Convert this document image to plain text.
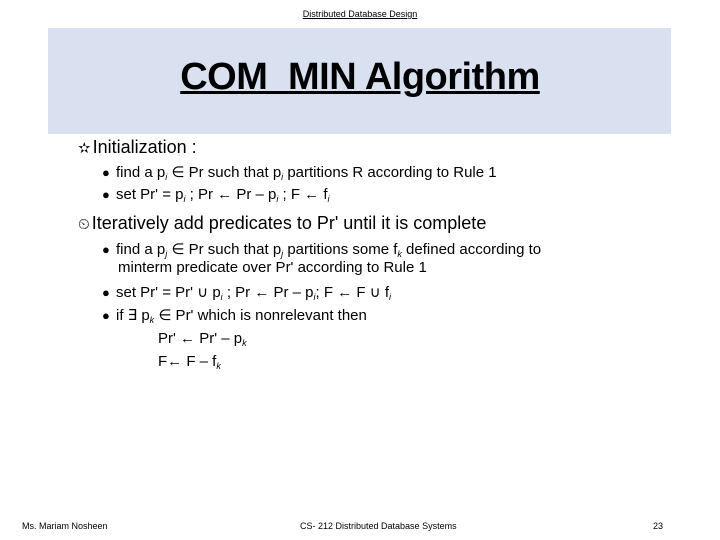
Distributed Database Design
COM_MIN Algorithm
✫ Initialization :
● find a $p_i$ ∈ Pr such that $p_i$ partitions R according to Rule 1
● set $Pr' = p_i$ ; Pr ← Pr – $p_i$ ; F ← $f_i$
⏲ Iteratively add predicates to Pr' until it is complete
● find a $p_j$ ∈ Pr such that $p_j$ partitions some $f_k$ defined according to
minterm predicate over Pr' according to Rule 1
● set Pr' = Pr' ∪ $p_i$ ; Pr ← Pr – $p_i$; F ← F ∪ $f_i$
● if ∃ $p_k$ ∈ Pr' which is nonrelevant then
Pr' ← Pr' – $p_k$
F← F – $f_k$
Ms. Mariam Nosheen	CS- 212 Distributed Database Systems	23
